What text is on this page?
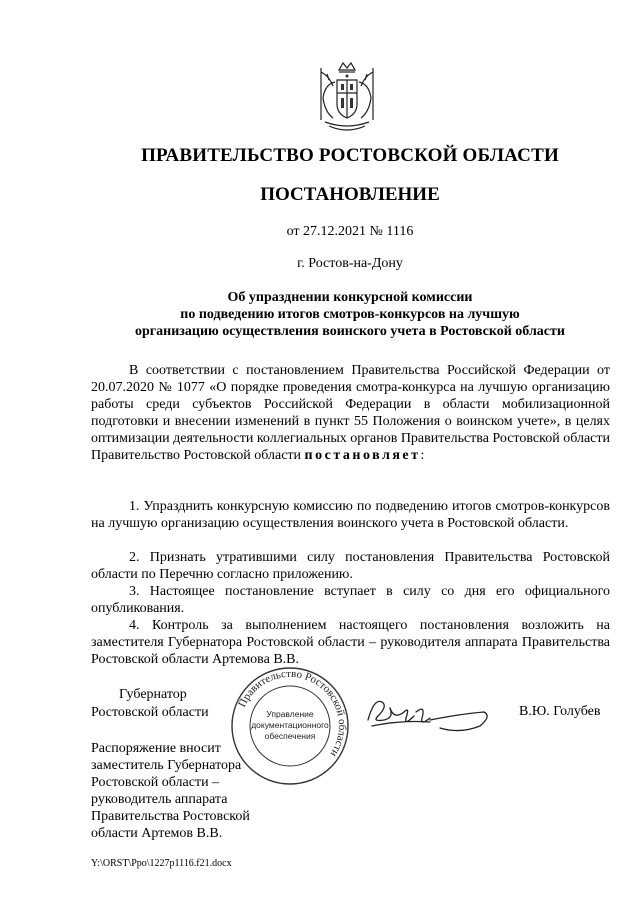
ПРАВИТЕЛЬСТВО РОСТОВСКОЙ ОБЛАСТИ
ПОСТАНОВЛЕНИЕ
от 27.12.2021 № 1116
г. Ростов-на-Дону
Об упразднении конкурсной комиссии
по подведению итогов смотров-конкурсов на лучшую
организацию осуществления воинского учета в Ростовской области
В соответствии с постановлением Правительства Российской Федерации от 20.07.2020 № 1077 «О порядке проведения смотра-конкурса на лучшую организацию работы среди субъектов Российской Федерации в области мобилизационной подготовки и внесении изменений в пункт 55 Положения о воинском учете», в целях оптимизации деятельности коллегиальных органов Правительства Ростовской области Правительство Ростовской области постановляет:
1. Упразднить конкурсную комиссию по подведению итогов смотров-конкурсов на лучшую организацию осуществления воинского учета в Ростовской области.
2. Признать утратившими силу постановления Правительства Ростовской области по Перечню согласно приложению.
3. Настоящее постановление вступает в силу со дня его официального опубликования.
4. Контроль за выполнением настоящего постановления возложить на заместителя Губернатора Ростовской области – руководителя аппарата Правительства Ростовской области Артемова В.В.
Губернатор
Ростовской области
Правительство Ростовской области
Управление
документационного
обеспечения
В.Ю. Голубев
Распоряжение вносит
заместитель Губернатора
Ростовской области –
руководитель аппарата
Правительства Ростовской
области Артемов В.В.
Y:\ORST\Ppo\1227p1116.f21.docx
